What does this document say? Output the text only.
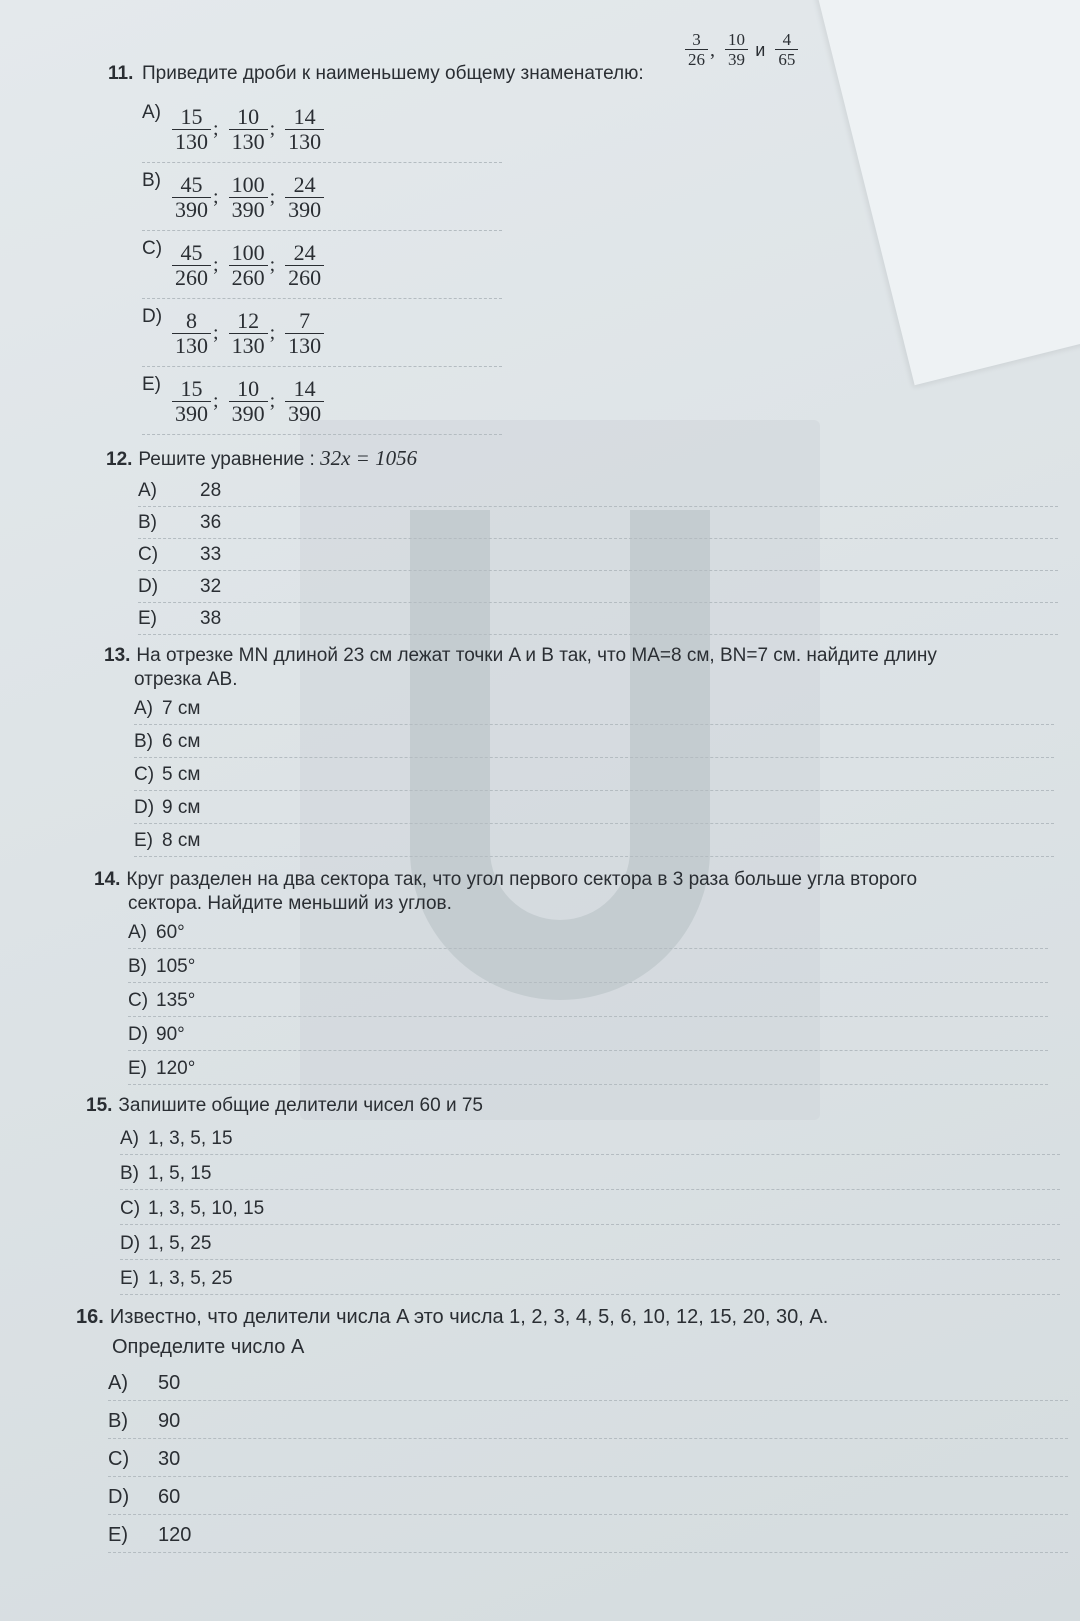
11. Приведите дроби к наименьшему общему знаменателю:
$\frac{3}{26}$ , $\frac{10}{39}$ и $\frac{4}{65}$
$A) \frac{15}{130}$ ; $\frac{10}{130}$ ; $\frac{14}{130}$
$B) \frac{45}{390}$ ; $\frac{100}{390}$ ; $\frac{24}{390}$
$C) \frac{45}{260}$ ; $\frac{100}{260}$ ; $\frac{24}{260}$
$D) \frac{8}{130}$ ; $\frac{12}{130}$ ; $\frac{7}{130}$
$E) \frac{15}{390}$ ; $\frac{10}{390}$ ; $\frac{14}{390}$
12. Решите уравнение : 32x = 1056
A) 28
B) 36
C) 33
D) 32
E) 38
13. На отрезке MN длиной 23 см лежат точки A и B так, что MA=8 см, BN=7 см. найдите длину
отрезка AB.
A) 7 см
B) 6 см
C) 5 см
D) 9 см
E) 8 см
14. Круг разделен на два сектора так, что угол первого сектора в 3 раза больше угла второго
сектора. Найдите меньший из углов.
A) 60°
B) 105°
C) 135°
D) 90°
E) 120°
15. Запишите общие делители чисел 60 и 75
A) 1, 3, 5, 15
B) 1, 5, 15
C) 1, 3, 5, 10, 15
D) 1, 5, 25
E) 1, 3, 5, 25
16. Известно, что делители числа A это числа 1, 2, 3, 4, 5, 6, 10, 12, 15, 20, 30, A.
Определите число A
A) 50
B) 90
C) 30
D) 60
E) 120
